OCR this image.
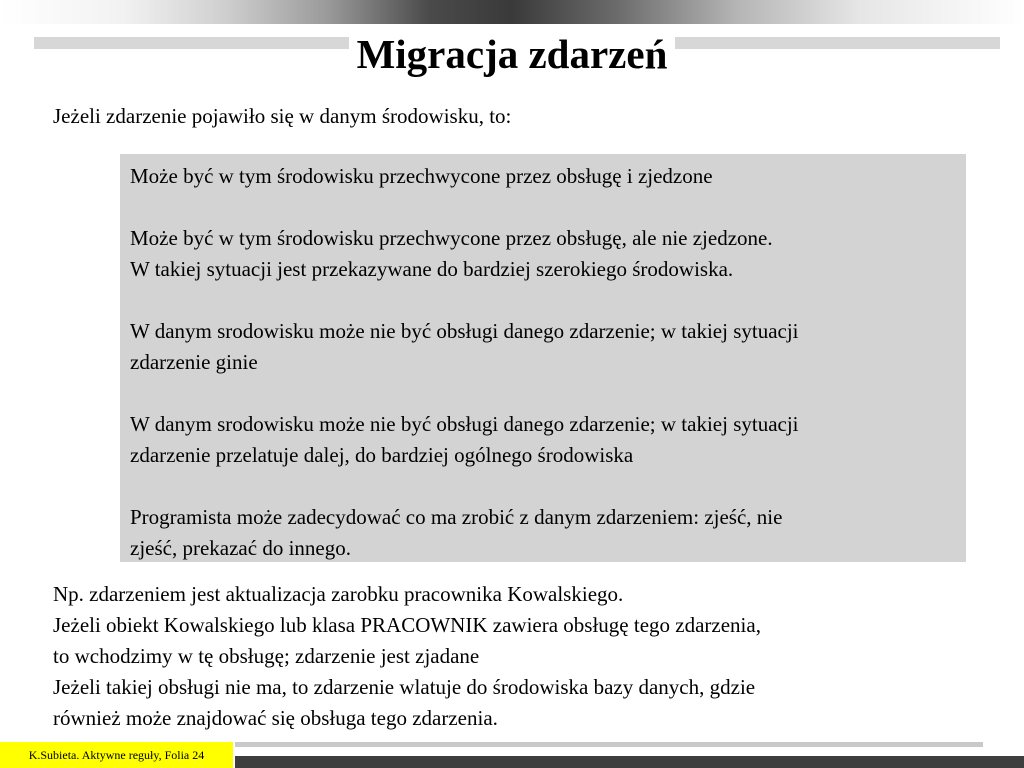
Migracja zdarzeń
Jeżeli zdarzenie pojawiło się w danym środowisku, to:

Może być w tym środowisku przechwycone przez obsługę i zjedzone

Może być w tym środowisku przechwycone przez obsługę, ale nie zjedzone.
W takiej sytuacji jest przekazywane do bardziej szerokiego środowiska.

W danym srodowisku może nie być obsługi danego zdarzenie; w takiej sytuacji
zdarzenie ginie

W danym srodowisku może nie być obsługi danego zdarzenie; w takiej sytuacji
zdarzenie przelatuje dalej, do bardziej ogólnego środowiska

Programista może zadecydować co ma zrobić z danym zdarzeniem: zjeść, nie
zjeść, prekazać do innego.

Np. zdarzeniem jest aktualizacja zarobku pracownika Kowalskiego.
Jeżeli obiekt Kowalskiego lub klasa PRACOWNIK zawiera obsługę tego zdarzenia,
to wchodzimy w tę obsługę; zdarzenie jest zjadane
Jeżeli takiej obsługi nie ma, to zdarzenie wlatuje do środowiska bazy danych, gdzie
również może znajdować się obsługa tego zdarzenia.
K.Subieta. Aktywne reguły, Folia 24
